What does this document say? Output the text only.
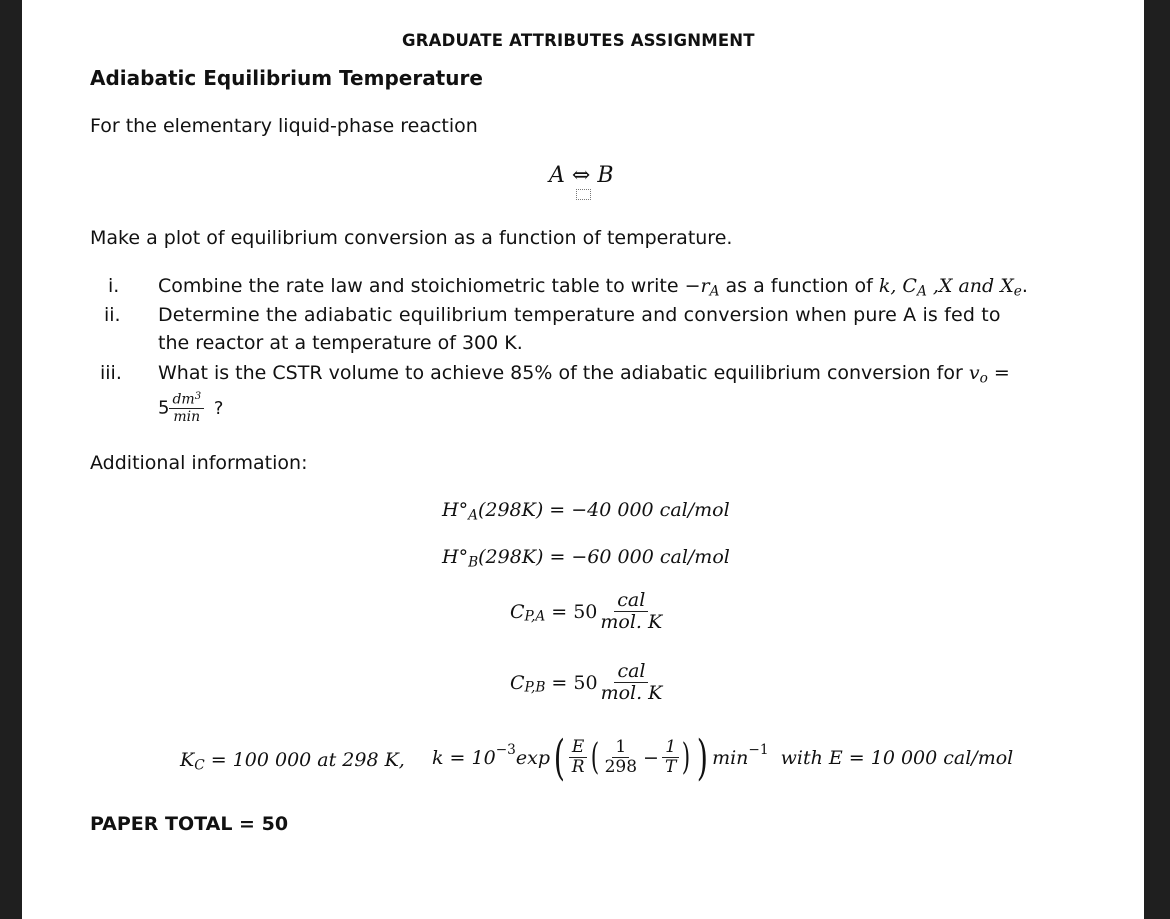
GRADUATE ATTRIBUTES ASSIGNMENT
Adiabatic Equilibrium Temperature
For the elementary liquid-phase reaction
A ⇔ B
Make a plot of equilibrium conversion as a function of temperature.
i. Combine the rate law and stoichiometric table to write $-r_A$ as a function of k, $C_A$ ,X and $X_e$.
ii. Determine the adiabatic equilibrium temperature and conversion when pure A is fed to
the reactor at a temperature of 300 K.
iii. What is the CSTR volume to achieve 85% of the adiabatic equilibrium conversion for $v_o$ =
$5 \frac{dm^3}{\min}$ ?
Additional information:
$H^\circ_A(298K) = -40$ 000 cal/mol
$H^\circ_B(298K) = -60$ 000 cal/mol
$C_{P,A} = 50 \frac{\text{cal}}{\text{mol. K}}$
$C_{P,B} = 50 \frac{\text{cal}}{\text{mol. K}}$
$K_C = 100$ 000 at 298 K, $k = 10^{-3}\exp( \frac{E}{R}$ ( $\frac{1}{298} - \frac{1}{T}$ ) ) $\min^{-1}$ with E = 10 000 cal/mol
PAPER TOTAL = 50
